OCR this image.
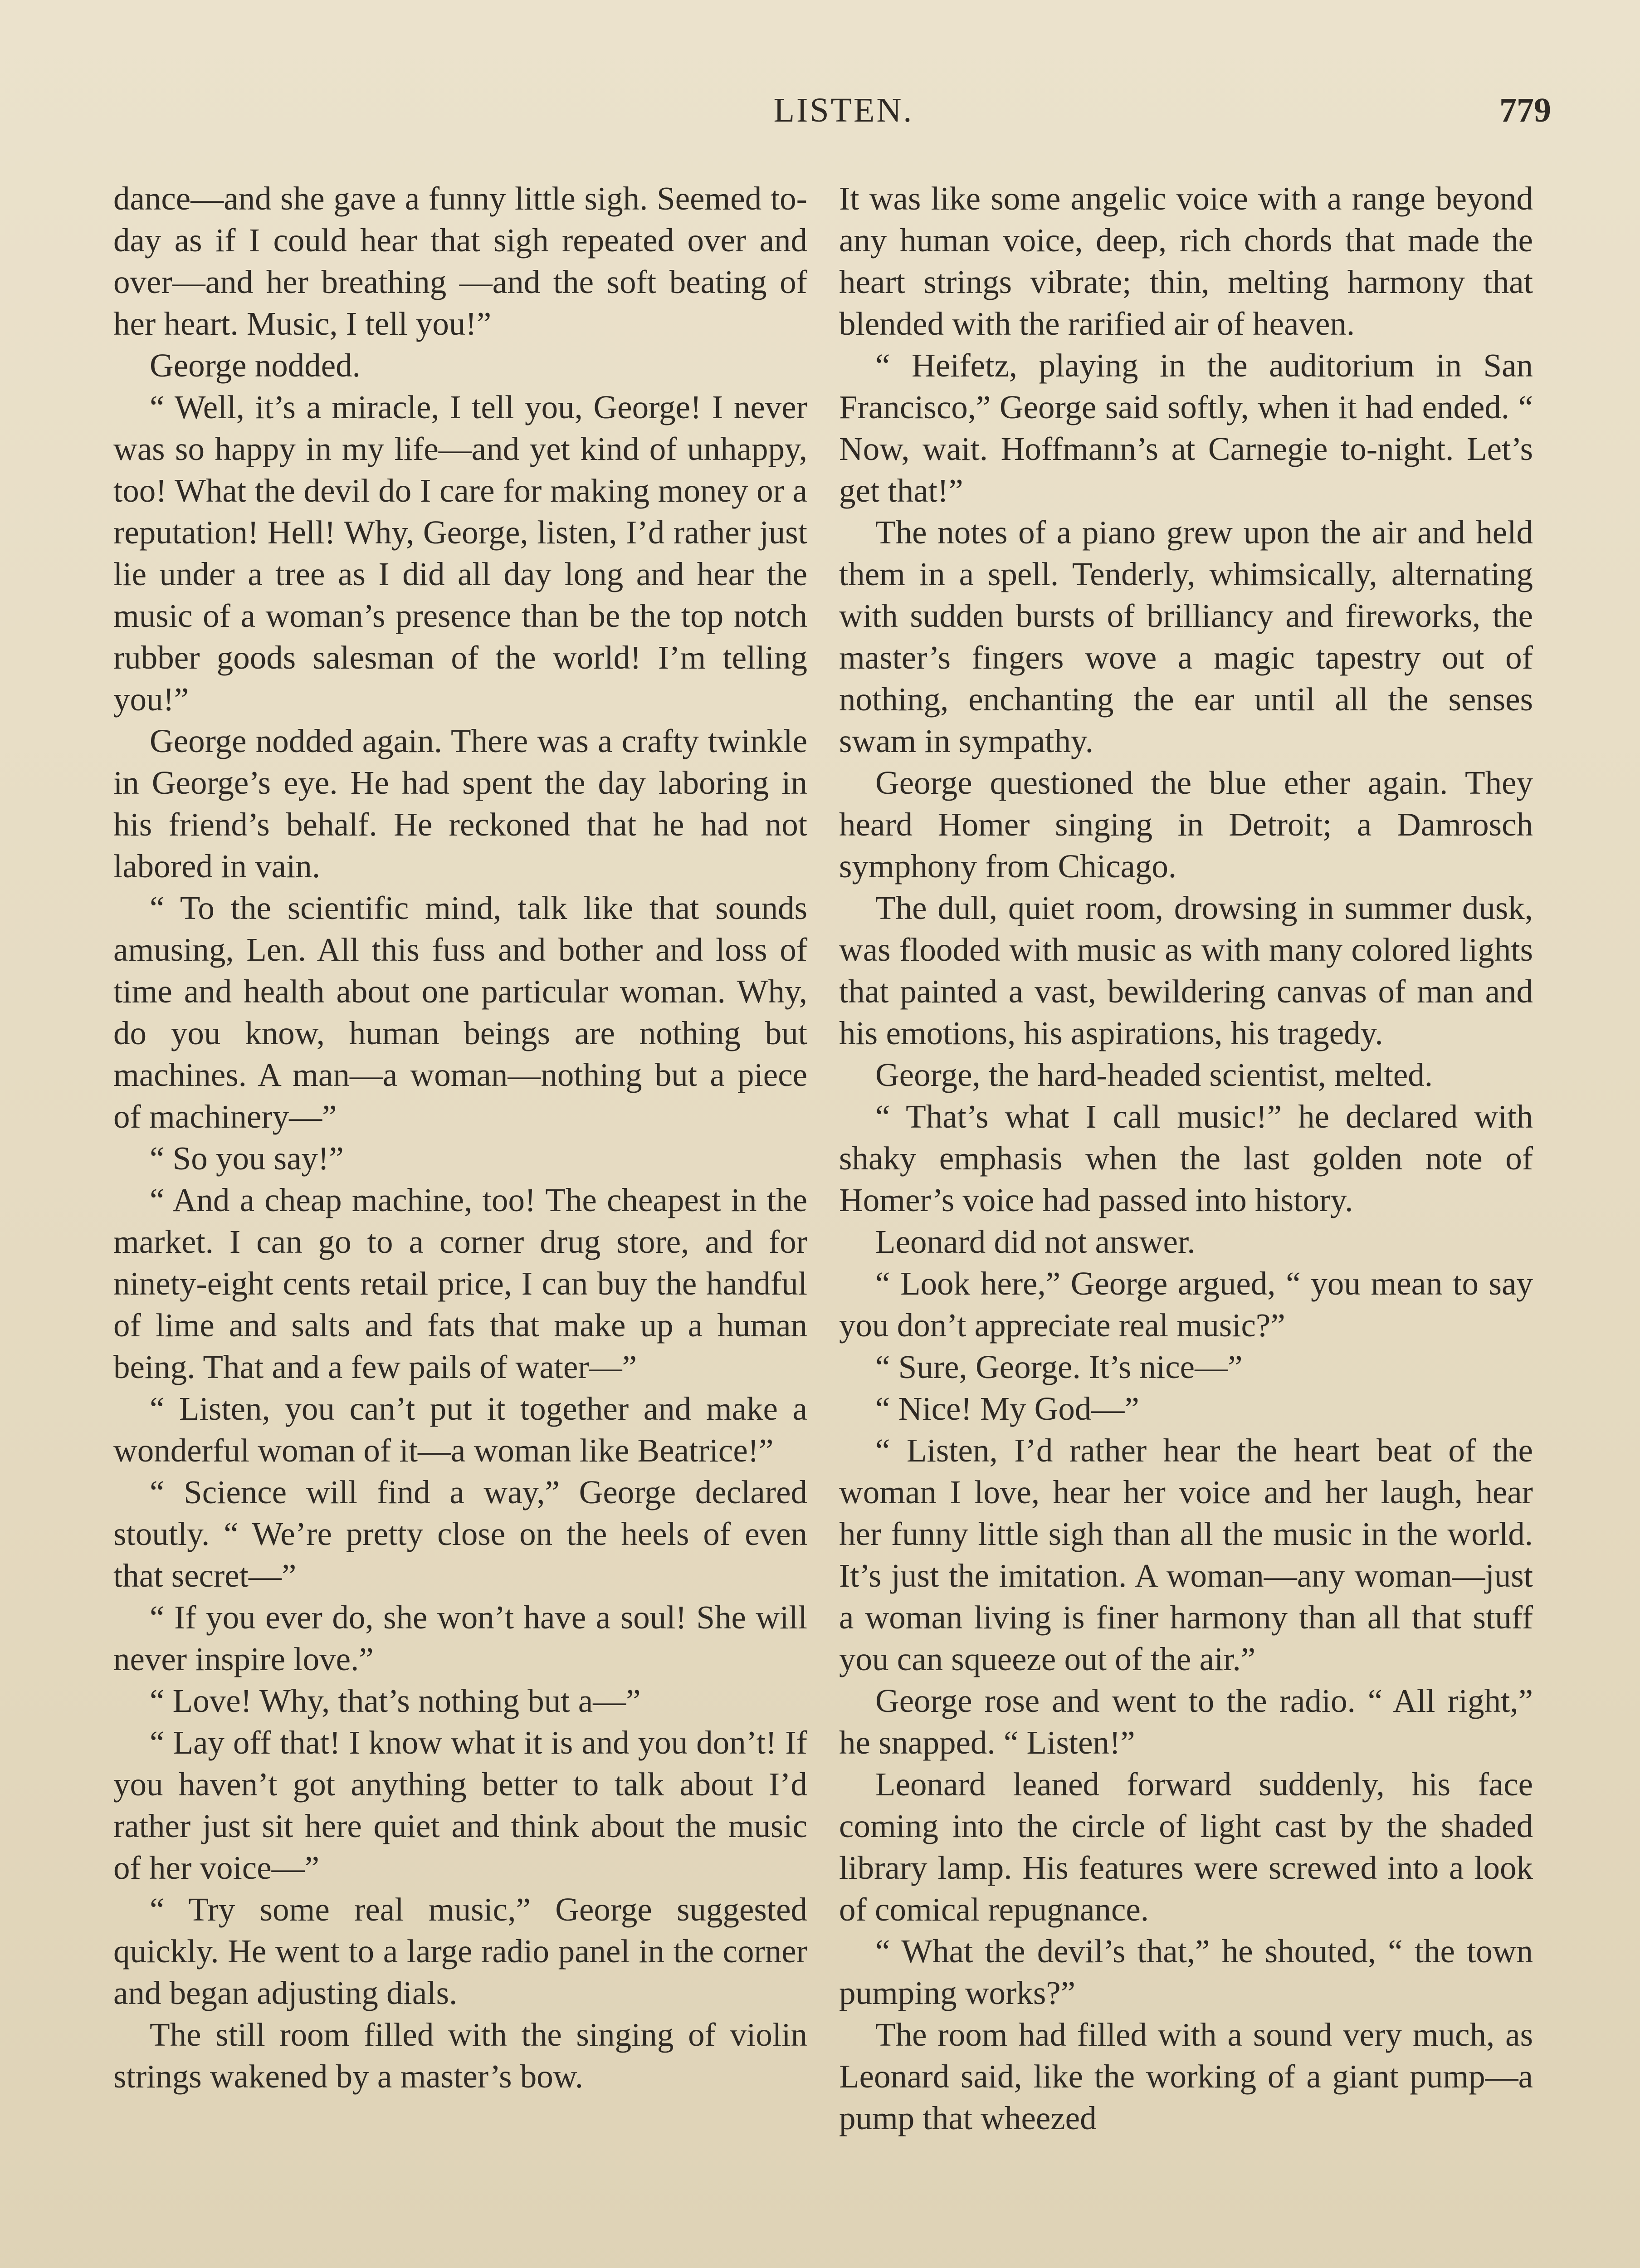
LISTEN.	779

dance—and she gave a funny little sigh. Seemed to-day as if I could hear that sigh repeated over and over—and her breathing —and the soft beating of her heart. Music, I tell you!”

George nodded.

“ Well, it’s a miracle, I tell you, George! I never was so happy in my life—and yet kind of unhappy, too! What the devil do I care for making money or a reputation! Hell! Why, George, listen, I’d rather just lie under a tree as I did all day long and hear the music of a woman’s presence than be the top notch rubber goods salesman of the world! I’m telling you!”

George nodded again. There was a crafty twinkle in George’s eye. He had spent the day laboring in his friend’s behalf. He reckoned that he had not labored in vain.

“ To the scientific mind, talk like that sounds amusing, Len. All this fuss and bother and loss of time and health about one particular woman. Why, do you know, human beings are nothing but machines. A man—a woman—nothing but a piece of machinery—”

“ So you say!”

“ And a cheap machine, too! The cheapest in the market. I can go to a corner drug store, and for ninety-eight cents retail price, I can buy the handful of lime and salts and fats that make up a human being. That and a few pails of water—”

“ Listen, you can’t put it together and make a wonderful woman of it—a woman like Beatrice!”

“ Science will find a way,” George declared stoutly. “ We’re pretty close on the heels of even that secret—”

“ If you ever do, she won’t have a soul! She will never inspire love.”

“ Love! Why, that’s nothing but a—”

“ Lay off that! I know what it is and you don’t! If you haven’t got anything better to talk about I’d rather just sit here quiet and think about the music of her voice—”

“ Try some real music,” George suggested quickly. He went to a large radio panel in the corner and began adjusting dials.

The still room filled with the singing of violin strings wakened by a master’s bow.

It was like some angelic voice with a range beyond any human voice, deep, rich chords that made the heart strings vibrate; thin, melting harmony that blended with the rarified air of heaven.

“ Heifetz, playing in the auditorium in San Francisco,” George said softly, when it had ended. “ Now, wait. Hoffmann’s at Carnegie to-night. Let’s get that!”

The notes of a piano grew upon the air and held them in a spell. Tenderly, whimsically, alternating with sudden bursts of brilliancy and fireworks, the master’s fingers wove a magic tapestry out of nothing, enchanting the ear until all the senses swam in sympathy.

George questioned the blue ether again. They heard Homer singing in Detroit; a Damrosch symphony from Chicago.

The dull, quiet room, drowsing in summer dusk, was flooded with music as with many colored lights that painted a vast, bewildering canvas of man and his emotions, his aspirations, his tragedy.

George, the hard-headed scientist, melted.

“ That’s what I call music!” he declared with shaky emphasis when the last golden note of Homer’s voice had passed into history.

Leonard did not answer.

“ Look here,” George argued, “ you mean to say you don’t appreciate real music?”

“ Sure, George. It’s nice—”

“ Nice! My God—”

“ Listen, I’d rather hear the heart beat of the woman I love, hear her voice and her laugh, hear her funny little sigh than all the music in the world. It’s just the imitation. A woman—any woman—just a woman living is finer harmony than all that stuff you can squeeze out of the air.”

George rose and went to the radio. “ All right,” he snapped. “ Listen!”

Leonard leaned forward suddenly, his face coming into the circle of light cast by the shaded library lamp. His features were screwed into a look of comical repugnance.

“ What the devil’s that,” he shouted, “ the town pumping works?”

The room had filled with a sound very much, as Leonard said, like the working of a giant pump—a pump that wheezed
